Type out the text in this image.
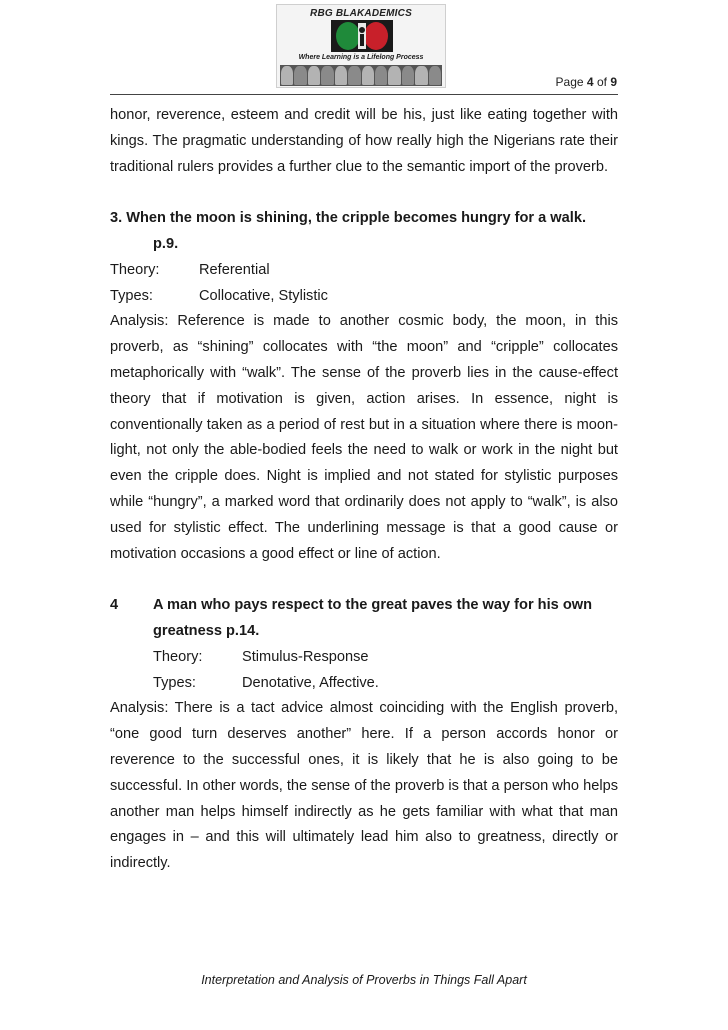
RBG BLAKADEMICS
Where Learning is a Lifelong Process
Page 4 of 9

honor, reverence, esteem and credit will be his, just like eating together with kings. The pragmatic understanding of how really high the Nigerians rate their traditional rulers provides a further clue to the semantic import of the proverb.

3. When the moon is shining, the cripple becomes hungry for a walk.
p.9.
Theory:	Referential
Types:	Collocative, Stylistic

Analysis: Reference is made to another cosmic body, the moon, in this proverb, as “shining” collocates with “the moon” and “cripple” collocates metaphorically with “walk”. The sense of the proverb lies in the cause-effect theory that if motivation is given, action arises. In essence, night is conventionally taken as a period of rest but in a situation where there is moon- light, not only the able-bodied feels the need to walk or work in the night but even the cripple does. Night is implied and not stated for stylistic purposes while “hungry”, a marked word that ordinarily does not apply to “walk”, is also used for stylistic effect. The underlining message is that a good cause or motivation occasions a good effect or line of action.

4	A man who pays respect to the great paves the way for his own
greatness p.14.
Theory:	Stimulus-Response
Types:	Denotative, Affective.

Analysis: There is a tact advice almost coinciding with the English proverb, “one good turn deserves another” here. If a person accords honor or reverence to the successful ones, it is likely that he is also going to be successful. In other words, the sense of the proverb is that a person who helps another man helps himself indirectly as he gets familiar with what that man engages in – and this will ultimately lead him also to greatness, directly or indirectly.

Interpretation and Analysis of Proverbs in Things Fall Apart
